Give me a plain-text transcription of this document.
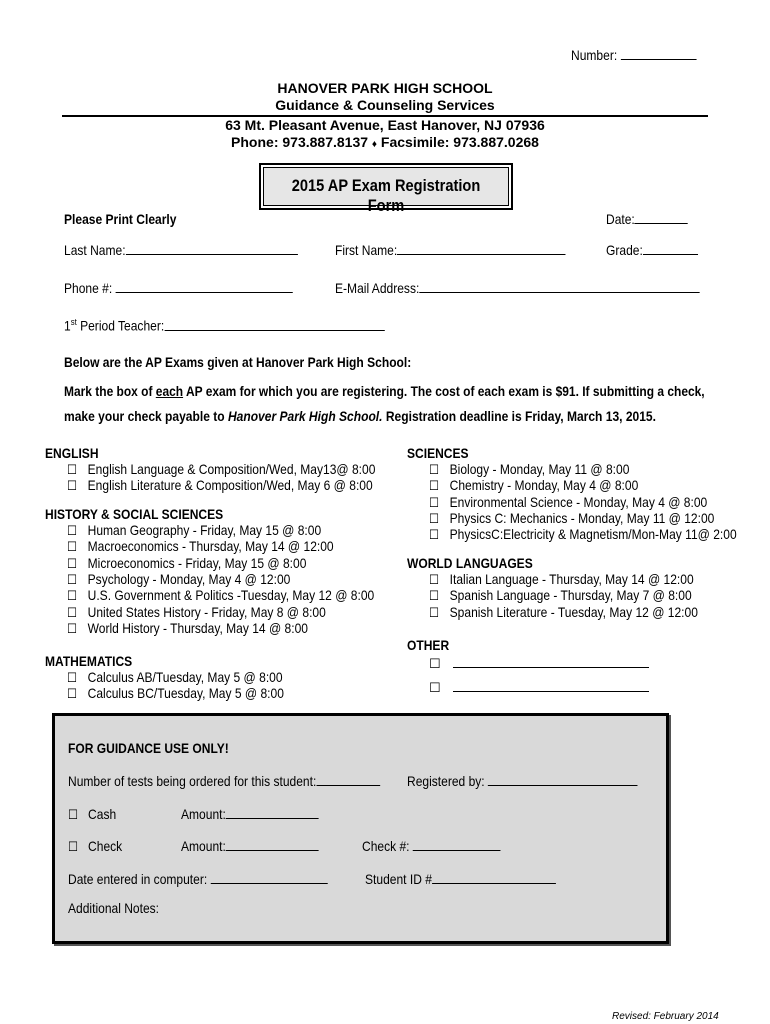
Number:
HANOVER PARK HIGH SCHOOL
Guidance & Counseling Services
63 Mt. Pleasant Avenue, East Hanover, NJ 07936
Phone: 973.887.8137 ♦ Facsimile: 973.887.0268
2015 AP Exam Registration Form
Please Print Clearly	Date:
Last Name:	First Name:	Grade:
Phone #:	E-Mail Address:
1st Period Teacher:
Below are the AP Exams given at Hanover Park High School:
Mark the box of each AP exam for which you are registering. The cost of each exam is $91. If submitting a check,
make your check payable to Hanover Park High School. Registration deadline is Friday, March 13, 2015.
ENGLISH
☐ English Language & Composition/Wed, May13@ 8:00
☐ English Literature & Composition/Wed, May 6 @ 8:00
HISTORY & SOCIAL SCIENCES
☐ Human Geography - Friday, May 15 @ 8:00
☐ Macroeconomics - Thursday, May 14 @ 12:00
☐ Microeconomics - Friday, May 15 @ 8:00
☐ Psychology - Monday, May 4 @ 12:00
☐ U.S. Government & Politics -Tuesday, May 12 @ 8:00
☐ United States History - Friday, May 8 @ 8:00
☐ World History - Thursday, May 14 @ 8:00
MATHEMATICS
☐ Calculus AB/Tuesday, May 5 @ 8:00
☐ Calculus BC/Tuesday, May 5 @ 8:00
SCIENCES
☐ Biology - Monday, May 11 @ 8:00
☐ Chemistry - Monday, May 4 @ 8:00
☐ Environmental Science - Monday, May 4 @ 8:00
☐ Physics C: Mechanics - Monday, May 11 @ 12:00
☐ PhysicsC:Electricity & Magnetism/Mon-May 11@ 2:00
WORLD LANGUAGES
☐ Italian Language - Thursday, May 14 @ 12:00
☐ Spanish Language - Thursday, May 7 @ 8:00
☐ Spanish Literature - Tuesday, May 12 @ 12:00
OTHER
☐
☐
FOR GUIDANCE USE ONLY!
Number of tests being ordered for this student:	Registered by:
☐ Cash	Amount:
☐ Check	Amount:	Check #:
Date entered in computer:	Student ID #
Additional Notes:
Revised: February 2014
